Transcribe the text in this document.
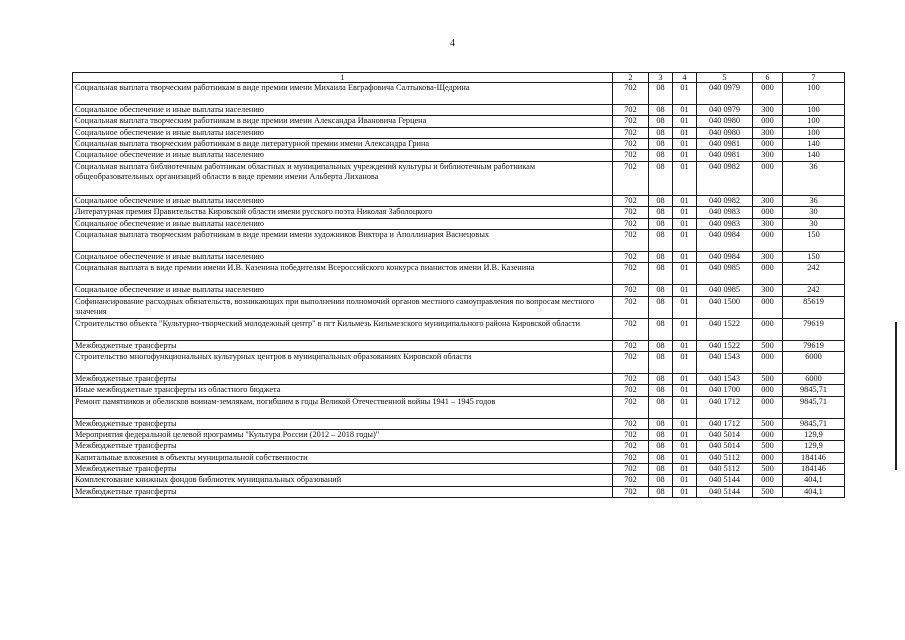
4
1	2	3	4	5	6	7
Социальная выплата творческим работникам в виде премии имени Михаила Евграфовича Салтыкова-Щедрина	702	08	01	040 0979	000	100
Социальное обеспечение и иные выплаты населению	702	08	01	040 0979	300	100
Социальная выплата творческим работникам в виде премии имени Александра Ивановича Герцена	702	08	01	040 0980	000	100
Социальное обеспечение и иные выплаты населению	702	08	01	040 0980	300	100
Социальная выплата творческим работникам в виде литературной премии имени Александра Грина	702	08	01	040 0981	000	140
Социальное обеспечение и иные выплаты населению	702	08	01	040 0981	300	140
Социальная выплата библиотечным работникам областных и муниципальных учреждений культуры и библиотечным работникам общеобразовательных организаций области в виде премии имени Альберта Лиханова	702	08	01	040 0982	000	36
Социальное обеспечение и иные выплаты населению	702	08	01	040 0982	300	36
Литературная премия Правительства Кировской области имени русского поэта Николая Заболоцкого	702	08	01	040 0983	000	30
Социальное обеспечение и иные выплаты населению	702	08	01	040 0983	300	30
Социальная выплата творческим работникам в виде премии имени художников Виктора и Аполлинария Васнецовых	702	08	01	040 0984	000	150
Социальное обеспечение и иные выплаты населению	702	08	01	040 0984	300	150
Социальная выплата в виде премии имени И.В. Казенина победителям Всероссийского конкурса пианистов имени И.В. Казенина	702	08	01	040 0985	000	242
Социальное обеспечение и иные выплаты населению	702	08	01	040 0985	300	242
Софинансирование расходных обязательств, возникающих при выполнении полномочий органов местного самоуправления по вопросам местного значения	702	08	01	040 1500	000	85619
Строительство объекта "Культурно-творческий молодежный центр" в пгт Кильмезь Кильмезского муниципального района Кировской области	702	08	01	040 1522	000	79619
Межбюджетные трансферты	702	08	01	040 1522	500	79619
Строительство многофункциональных культурных центров в муниципальных образованиях Кировской области	702	08	01	040 1543	000	6000
Межбюджетные трансферты	702	08	01	040 1543	500	6000
Иные межбюджетные трансферты из областного бюджета	702	08	01	040 1700	000	9845,71
Ремонт памятников и обелисков воинам-землякам, погибшим в годы Великой Отечественной войны 1941 – 1945 годов	702	08	01	040 1712	000	9845,71
Межбюджетные трансферты	702	08	01	040 1712	500	9845,71
Мероприятия федеральной целевой программы "Культура России (2012 – 2018 годы)"	702	08	01	040 5014	000	129,9
Межбюджетные трансферты	702	08	01	040 5014	500	129,9
Капитальные вложения в объекты муниципальной собственности	702	08	01	040 5112	000	184146
Межбюджетные трансферты	702	08	01	040 5112	500	184146
Комплектование книжных фондов библиотек муниципальных образований	702	08	01	040 5144	000	404,1
Межбюджетные трансферты	702	08	01	040 5144	500	404,1
